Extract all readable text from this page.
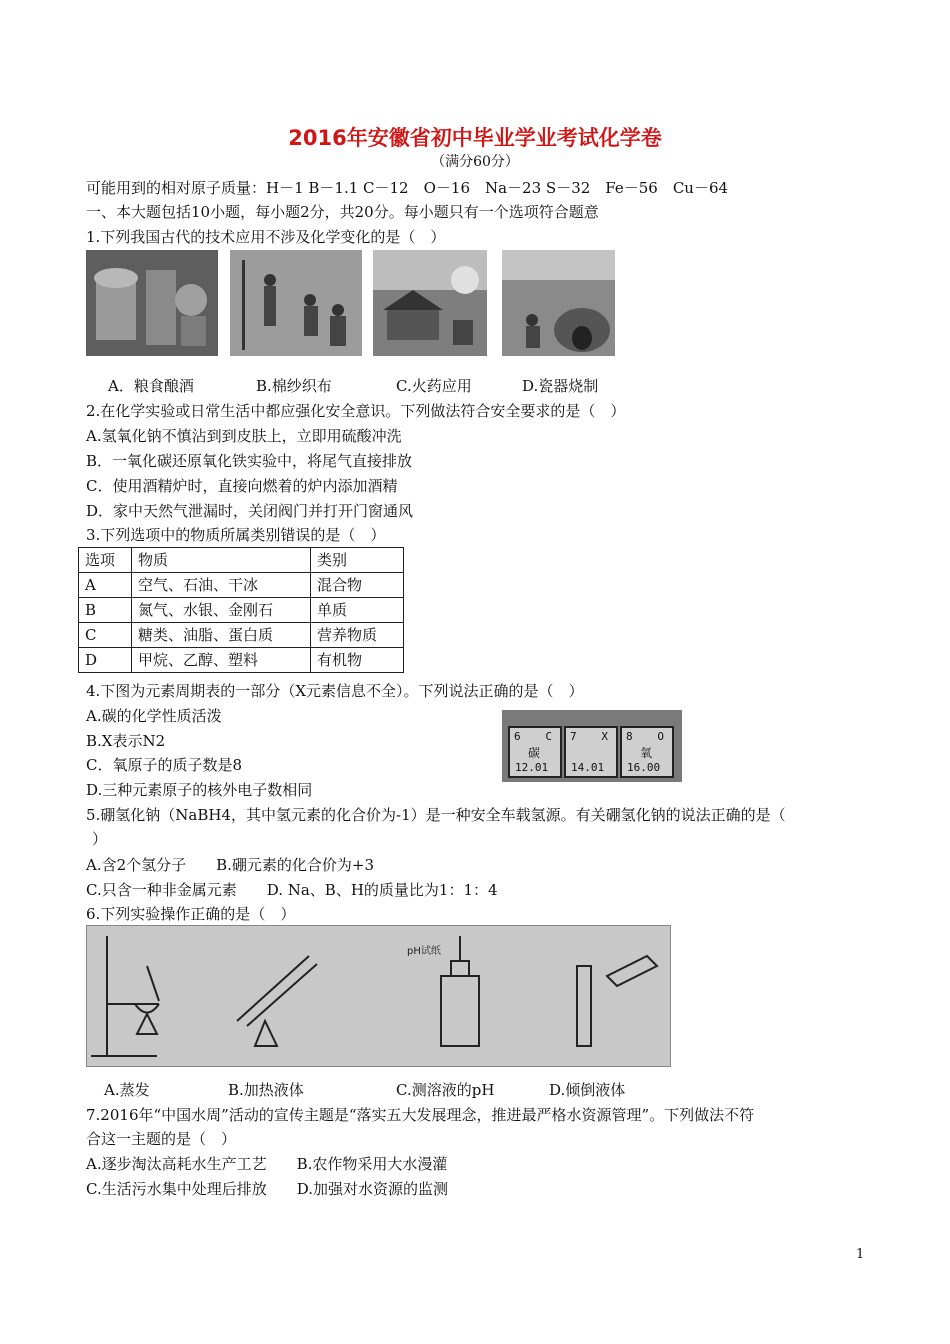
2016年安徽省初中毕业学业考试化学卷
（满分60分）
可能用到的相对原子质量：H－1 B－1.1 C－12　O－16　Na－23 S－32　Fe－56　Cu－64
一、本大题包括10小题，每小题2分，共20分。每小题只有一个选项符合题意
1.下列我国古代的技术应用不涉及化学变化的是（　）
A．粮食酿酒	B.棉纱织布	C.火药应用	D.瓷器烧制
2.在化学实验或日常生活中都应强化安全意识。下列做法符合安全要求的是（　）
A.氢氧化钠不慎沾到到皮肤上，立即用硫酸冲洗
B．一氧化碳还原氧化铁实验中，将尾气直接排放
C．使用酒精炉时，直接向燃着的炉内添加酒精
D．家中天然气泄漏时，关闭阀门并打开门窗通风
3.下列选项中的物质所属类别错误的是（　）
选项	物质	类别
A	空气、石油、干冰	混合物
B	氮气、水银、金刚石	单质
C	糖类、油脂、蛋白质	营养物质
D	甲烷、乙醇、塑料	有机物
4.下图为元素周期表的一部分（X元素信息不全）。下列说法正确的是（　）
A.碳的化学性质活泼
B.X表示N2
C．氧原子的质子数是8
D.三种元素原子的核外电子数相同
6 C
碳
12.01
7 X
14.01
8 O
氧
16.00
5.硼氢化钠（NaBH4，其中氢元素的化合价为-1）是一种安全车载氢源。有关硼氢化钠的说法正确的是（
）
A.含2个氢分子　　B.硼元素的化合价为+3
C.只含一种非金属元素　　D. Na、B、H的质量比为1：1：4
6.下列实验操作正确的是（　）
pH试纸
A.蒸发	B.加热液体	C.测溶液的pH	D.倾倒液体
7.2016年“中国水周”活动的宣传主题是“落实五大发展理念，推进最严格水资源管理”。下列做法不符
合这一主题的是（　）
A.逐步淘汰高耗水生产工艺　　B.农作物采用大水漫灌
C.生活污水集中处理后排放　　D.加强对水资源的监测
1
